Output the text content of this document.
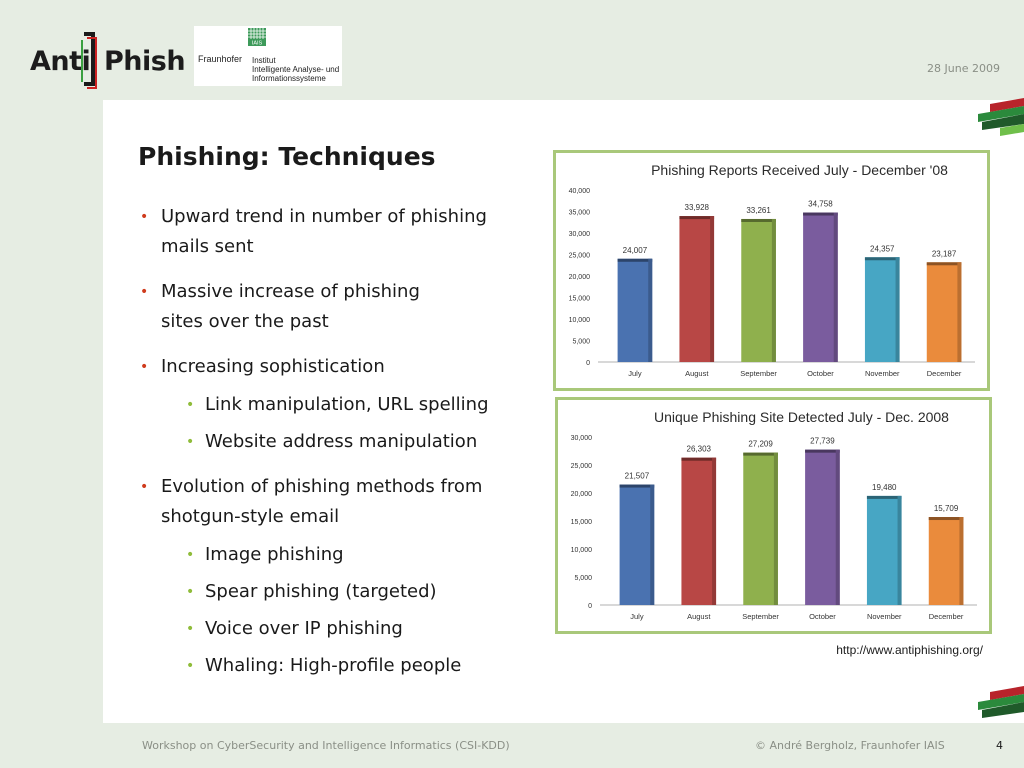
Anti Phish
IAIS
Fraunhofer Institut
Intelligente Analyse- und
Informationssysteme
28 June 2009
Phishing: Techniques
• Upward trend in number of phishing
mails sent
• Massive increase of phishing
sites over the past
• Increasing sophistication
• Link manipulation, URL spelling
• Website address manipulation
• Evolution of phishing methods from
shotgun-style email
• Image phishing
• Spear phishing (targeted)
• Voice over IP phishing
• Whaling: High-profile people
Phishing Reports Received July - December '08
0
5,000
10,000
15,000
20,000
25,000
30,000
35,000
40,000
24,007
July
33,928
August
33,261
September
34,758
October
24,357
November
23,187
December
Unique Phishing Site Detected July - Dec. 2008
0
5,000
10,000
15,000
20,000
25,000
30,000
21,507
July
26,303
August
27,209
September
27,739
October
19,480
November
15,709
December
http://www.antiphishing.org/
Workshop on CyberSecurity and Intelligence Informatics (CSI-KDD)	© André Bergholz, Fraunhofer IAIS	4
